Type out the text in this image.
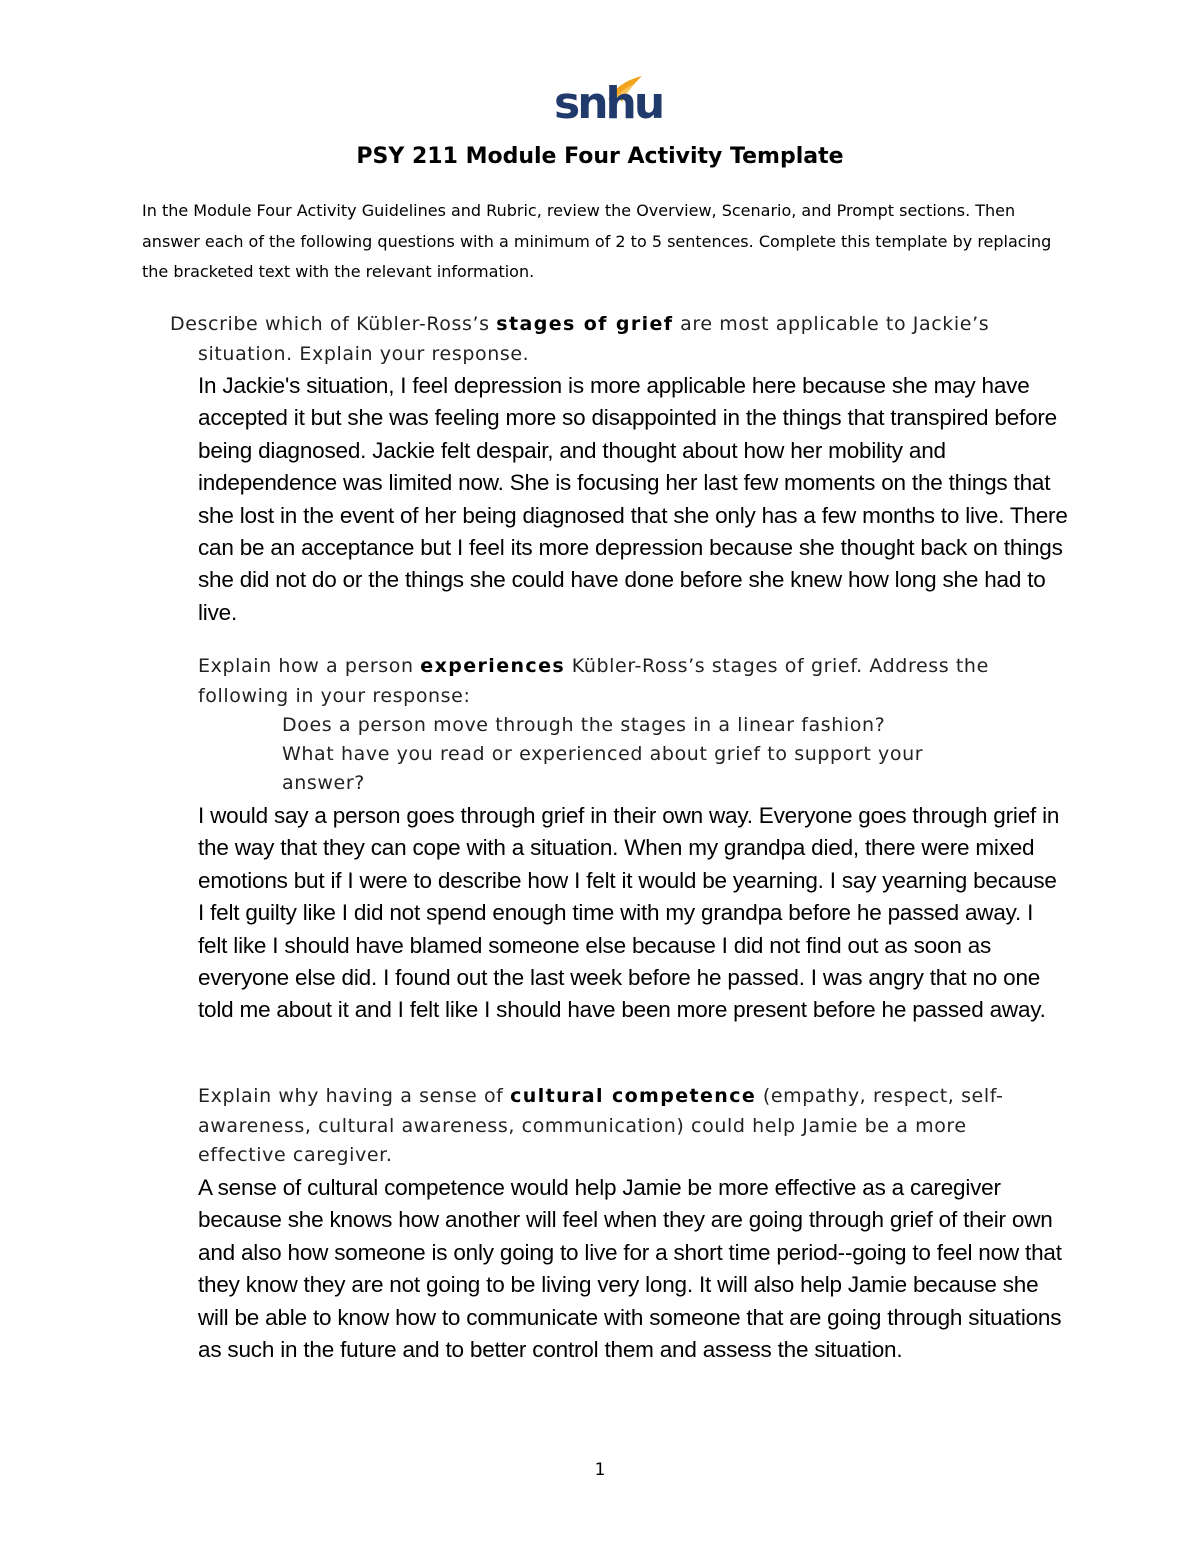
snhu
PSY 211 Module Four Activity Template

In the Module Four Activity Guidelines and Rubric, review the Overview, Scenario, and Prompt sections. Then answer each of the following questions with a minimum of 2 to 5 sentences. Complete this template by replacing the bracketed text with the relevant information.

Describe which of Kübler-Ross’s stages of grief are most applicable to Jackie’s situation. Explain your response.

In Jackie's situation, I feel depression is more applicable here because she may have accepted it but she was feeling more so disappointed in the things that transpired before being diagnosed. Jackie felt despair, and thought about how her mobility and independence was limited now. She is focusing her last few moments on the things that she lost in the event of her being diagnosed that she only has a few months to live. There can be an acceptance but I feel its more depression because she thought back on things she did not do or the things she could have done before she knew how long she had to live.

Explain how a person experiences Kübler-Ross’s stages of grief. Address the following in your response:

Does a person move through the stages in a linear fashion?

What have you read or experienced about grief to support your answer?

I would say a person goes through grief in their own way. Everyone goes through grief in the way that they can cope with a situation. When my grandpa died, there were mixed emotions but if I were to describe how I felt it would be yearning. I say yearning because I felt guilty like I did not spend enough time with my grandpa before he passed away. I felt like I should have blamed someone else because I did not find out as soon as everyone else did. I found out the last week before he passed. I was angry that no one told me about it and I felt like I should have been more present before he passed away.

Explain why having a sense of cultural competence (empathy, respect, self-awareness, cultural awareness, communication) could help Jamie be a more effective caregiver.

A sense of cultural competence would help Jamie be more effective as a caregiver because she knows how another will feel when they are going through grief of their own and also how someone is only going to live for a short time period--going to feel now that they know they are not going to be living very long. It will also help Jamie because she will be able to know how to communicate with someone that are going through situations as such in the future and to better control them and assess the situation.

1
